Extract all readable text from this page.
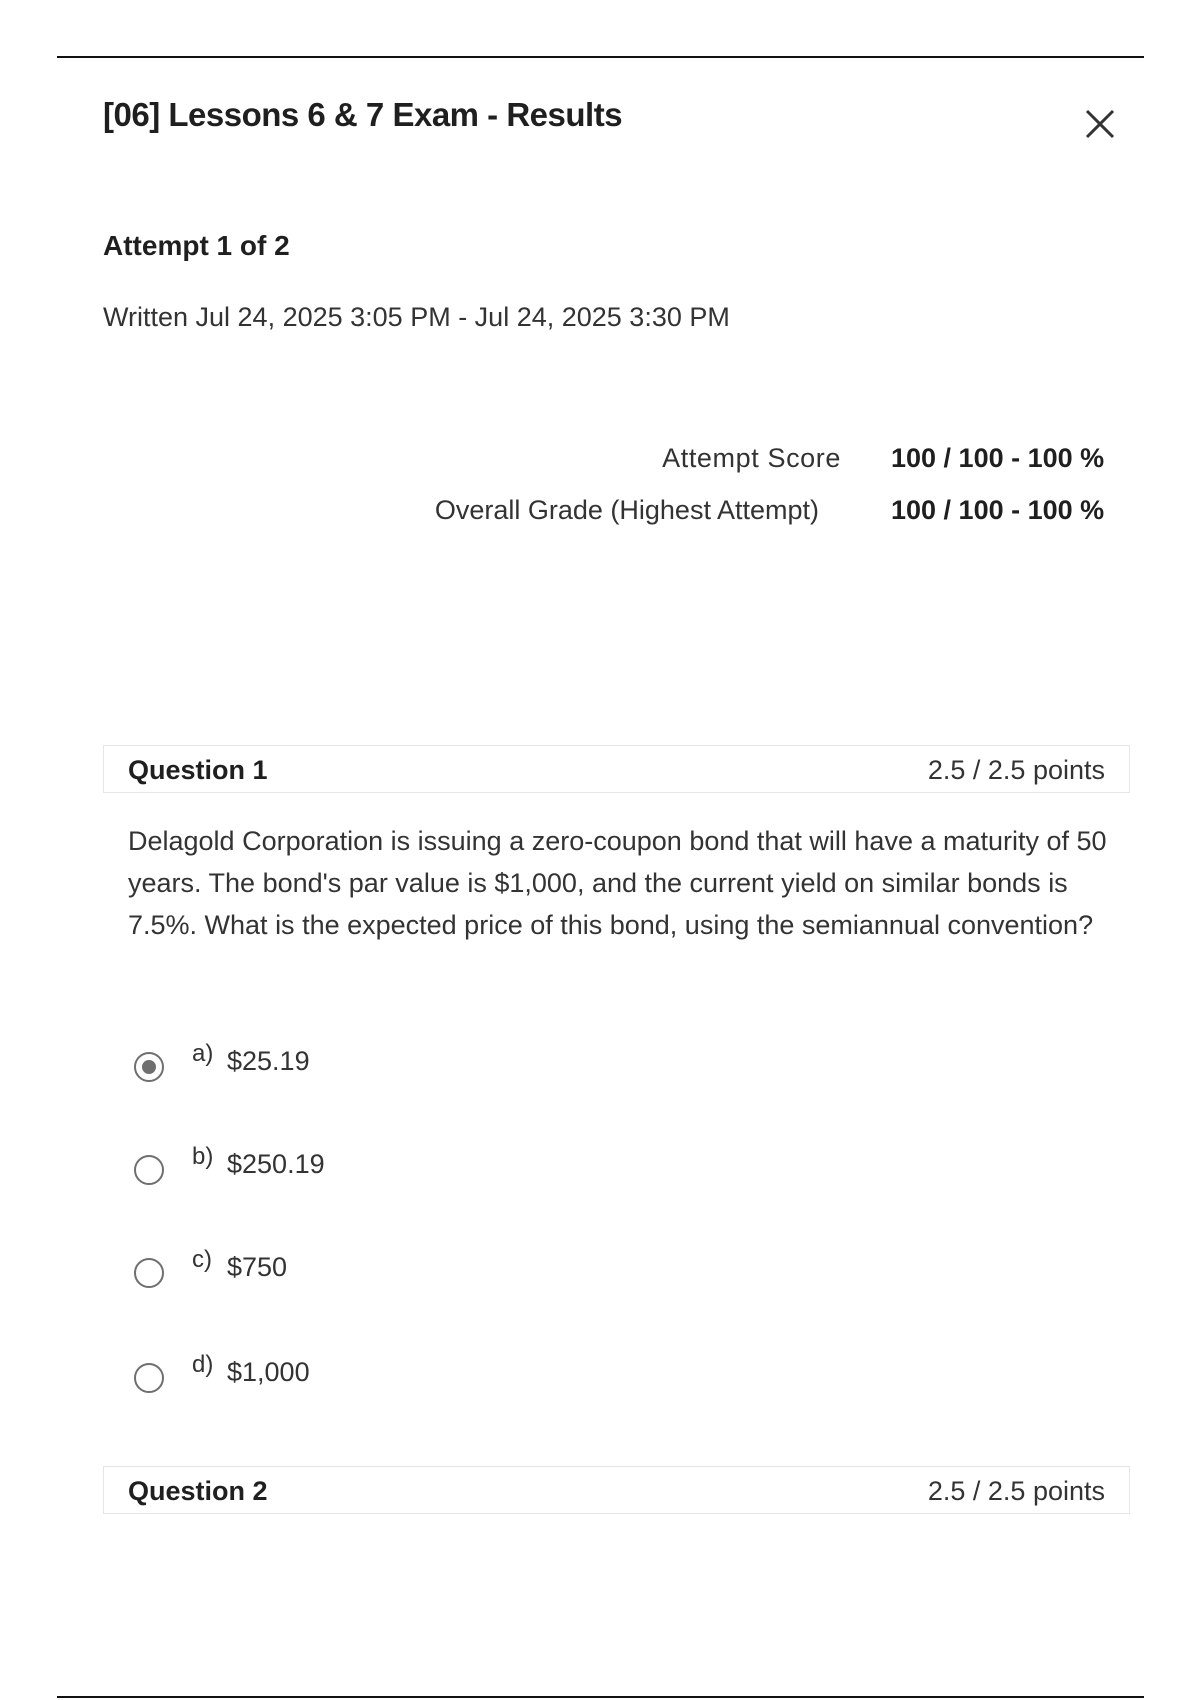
[06] Lessons 6 & 7 Exam - Results
Attempt 1 of 2
Written Jul 24, 2025 3:05 PM - Jul 24, 2025 3:30 PM
Attempt Score 100 / 100 - 100 %
Overall Grade (Highest Attempt)	100 / 100 - 100 %
Question 1	2.5 / 2.5 points
Delagold Corporation is issuing a zero-coupon bond that will have a maturity of 50 years. The bond's par value is $1,000, and the current yield on similar bonds is 7.5%. What is the expected price of this bond, using the semiannual convention?
a) $25.19
b) $250.19
c) $750
d) $1,000
Question 2	2.5 / 2.5 points
